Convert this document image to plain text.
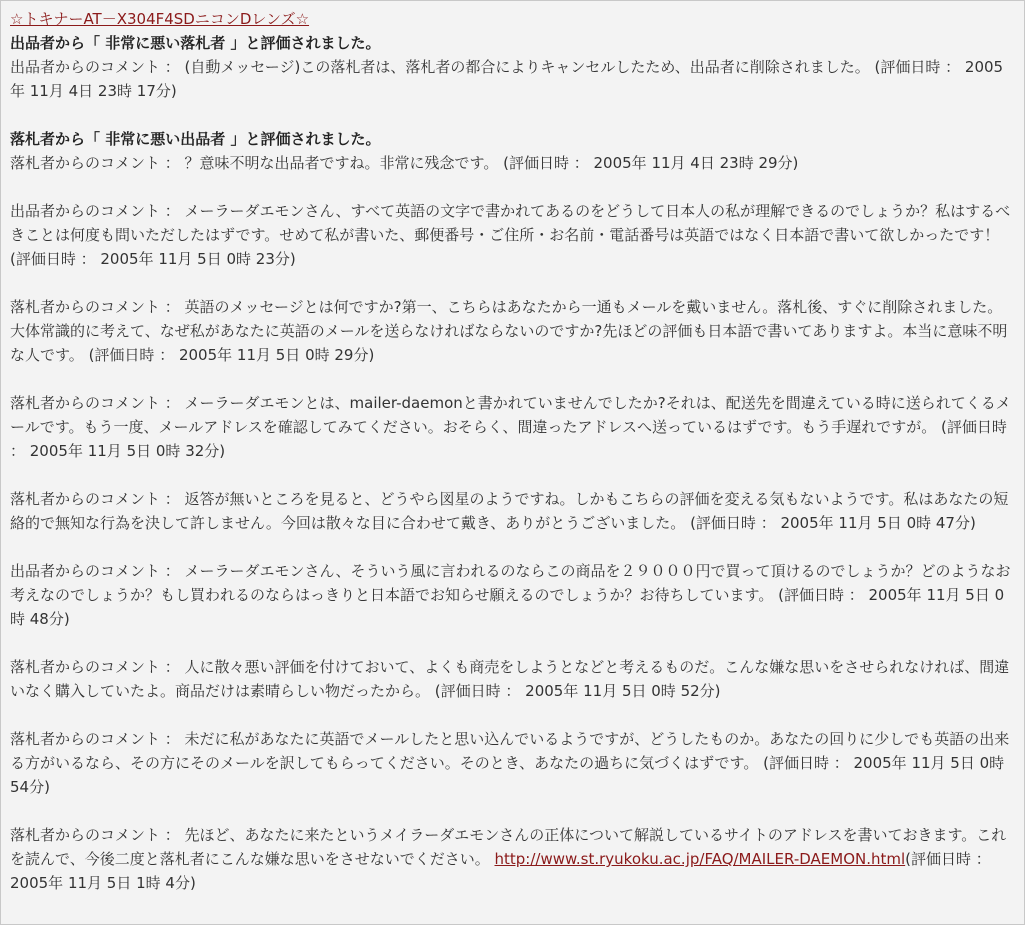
☆トキナーAT－X304F4SDニコンDレンズ☆
出品者から「 非常に悪い落札者 」と評価されました。
出品者からのコメント ： (自動メッセージ)この落札者は、落札者の都合によりキャンセルしたため、出品者に削除されました。 (評価日時 ： 2005年 11月 4日 23時 17分)
落札者から「 非常に悪い出品者 」と評価されました。
落札者からのコメント ： ？意味不明な出品者ですね。非常に残念です。 (評価日時 ： 2005年 11月 4日 23時 29分)
出品者からのコメント ： メーラーダエモンさん、すべて英語の文字で書かれてあるのをどうして日本人の私が理解できるのでしょうか？私はするべきことは何度も問いただしたはずです。せめて私が書いた、郵便番号・ご住所・お名前・電話番号は英語ではなく日本語で書いて欲しかったです！ (評価日時 ： 2005年 11月 5日 0時 23分)
落札者からのコメント ： 英語のメッセージとは何ですか?第一、こちらはあなたから一通もメールを戴いません。落札後、すぐに削除されました。大体常識的に考えて、なぜ私があなたに英語のメールを送らなければならないのですか?先ほどの評価も日本語で書いてありますよ。本当に意味不明な人です。 (評価日時 ： 2005年 11月 5日 0時 29分)
落札者からのコメント ： メーラーダエモンとは、mailer-daemonと書かれていませんでしたか?それは、配送先を間違えている時に送られてくるメールです。もう一度、メールアドレスを確認してみてください。おそらく、間違ったアドレスへ送っているはずです。もう手遅れですが。 (評価日時 ： 2005年 11月 5日 0時 32分)
落札者からのコメント ： 返答が無いところを見ると、どうやら図星のようですね。しかもこちらの評価を変える気もないようです。私はあなたの短絡的で無知な行為を決して許しません。今回は散々な目に合わせて戴き、ありがとうございました。 (評価日時 ： 2005年 11月 5日 0時 47分)
出品者からのコメント ： メーラーダエモンさん、そういう風に言われるのならこの商品を２９０００円で買って頂けるのでしょうか？どのようなお考えなのでしょうか？もし買われるのならはっきりと日本語でお知らせ願えるのでしょうか？お待ちしています。 (評価日時 ： 2005年 11月 5日 0時 48分)
落札者からのコメント ： 人に散々悪い評価を付けておいて、よくも商売をしようとなどと考えるものだ。こんな嫌な思いをさせられなければ、間違いなく購入していたよ。商品だけは素晴らしい物だったから。 (評価日時 ： 2005年 11月 5日 0時 52分)
落札者からのコメント ： 未だに私があなたに英語でメールしたと思い込んでいるようですが、どうしたものか。あなたの回りに少しでも英語の出来る方がいるなら、その方にそのメールを訳してもらってください。そのとき、あなたの過ちに気づくはずです。 (評価日時 ： 2005年 11月 5日 0時 54分)
落札者からのコメント ： 先ほど、あなたに来たというメイラーダエモンさんの正体について解説しているサイトのアドレスを書いておきます。これを読んで、今後二度と落札者にこんな嫌な思いをさせないでください。 http://www.st.ryukoku.ac.jp/FAQ/MAILER-DAEMON.html(評価日時 ： 2005年 11月 5日 1時 4分)
